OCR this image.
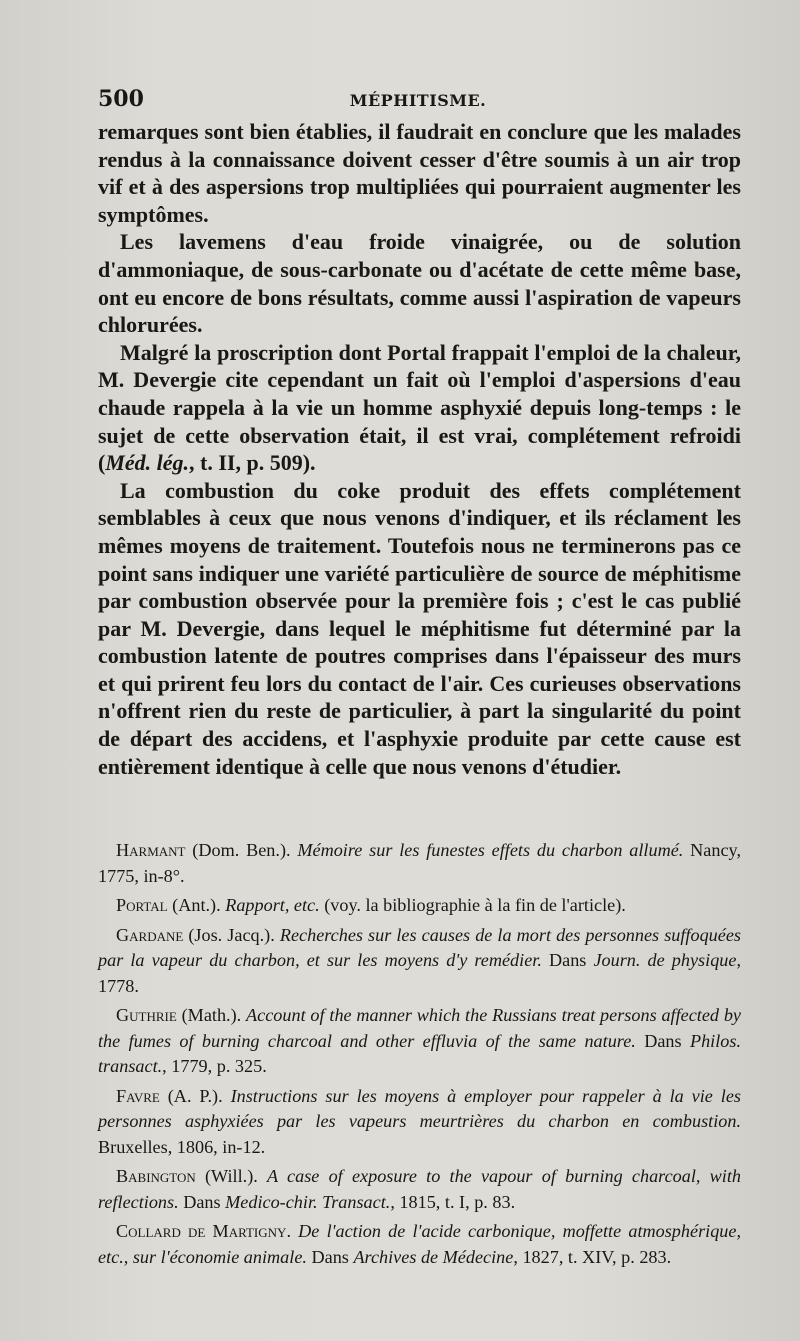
500	MÉPHITISME.

remarques sont bien établies, il faudrait en conclure que les malades rendus à la connaissance doivent cesser d'être soumis à un air trop vif et à des aspersions trop multipliées qui pourraient augmenter les symptômes.

Les lavemens d'eau froide vinaigrée, ou de solution d'ammoniaque, de sous-carbonate ou d'acétate de cette même base, ont eu encore de bons résultats, comme aussi l'aspiration de vapeurs chlorurées.

Malgré la proscription dont Portal frappait l'emploi de la chaleur, M. Devergie cite cependant un fait où l'emploi d'aspersions d'eau chaude rappela à la vie un homme asphyxié depuis long-temps : le sujet de cette observation était, il est vrai, complétement refroidi (Méd. lég., t. II, p. 509).

La combustion du coke produit des effets complétement semblables à ceux que nous venons d'indiquer, et ils réclament les mêmes moyens de traitement. Toutefois nous ne terminerons pas ce point sans indiquer une variété particulière de source de méphitisme par combustion observée pour la première fois ; c'est le cas publié par M. Devergie, dans lequel le méphitisme fut déterminé par la combustion latente de poutres comprises dans l'épaisseur des murs et qui prirent feu lors du contact de l'air. Ces curieuses observations n'offrent rien du reste de particulier, à part la singularité du point de départ des accidens, et l'asphyxie produite par cette cause est entièrement identique à celle que nous venons d'étudier.

Harmant (Dom. Ben.). Mémoire sur les funestes effets du charbon allumé. Nancy, 1775, in-8°.

Portal (Ant.). Rapport, etc. (voy. la bibliographie à la fin de l'article).

Gardane (Jos. Jacq.). Recherches sur les causes de la mort des personnes suffoquées par la vapeur du charbon, et sur les moyens d'y remédier. Dans Journ. de physique, 1778.

Guthrie (Math.). Account of the manner which the Russians treat persons affected by the fumes of burning charcoal and other effluvia of the same nature. Dans Philos. transact., 1779, p. 325.

Favre (A. P.). Instructions sur les moyens à employer pour rappeler à la vie les personnes asphyxiées par les vapeurs meurtrières du charbon en combustion. Bruxelles, 1806, in-12.

Babington (Will.). A case of exposure to the vapour of burning charcoal, with reflections. Dans Medico-chir. Transact., 1815, t. I, p. 83.

Collard de Martigny. De l'action de l'acide carbonique, moffette atmosphérique, etc., sur l'économie animale. Dans Archives de Médecine, 1827, t. XIV, p. 283.
